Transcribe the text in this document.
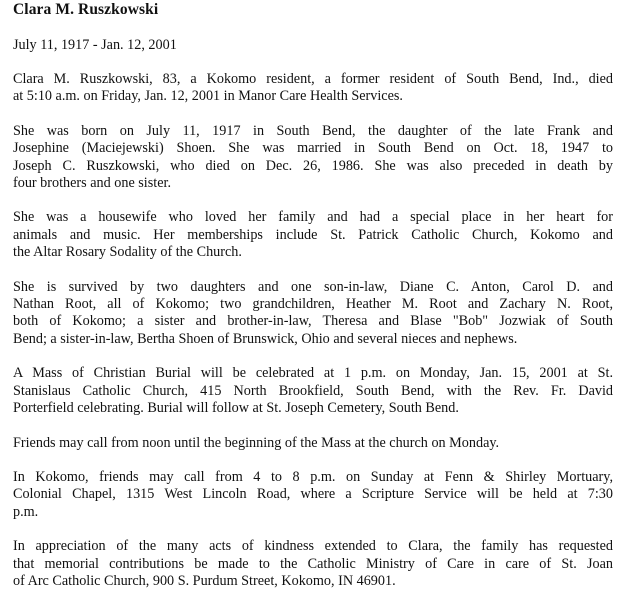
Clara M. Ruszkowski

July 11, 1917 - Jan. 12, 2001

Clara M. Ruszkowski, 83, a Kokomo resident, a former resident of South Bend, Ind., died
at 5:10 a.m. on Friday, Jan. 12, 2001 in Manor Care Health Services.

She was born on July 11, 1917 in South Bend, the daughter of the late Frank and
Josephine (Maciejewski) Shoen. She was married in South Bend on Oct. 18, 1947 to
Joseph C. Ruszkowski, who died on Dec. 26, 1986. She was also preceded in death by
four brothers and one sister.

She was a housewife who loved her family and had a special place in her heart for
animals and music. Her memberships include St. Patrick Catholic Church, Kokomo and
the Altar Rosary Sodality of the Church.

She is survived by two daughters and one son-in-law, Diane C. Anton, Carol D. and
Nathan Root, all of Kokomo; two grandchildren, Heather M. Root and Zachary N. Root,
both of Kokomo; a sister and brother-in-law, Theresa and Blase "Bob" Jozwiak of South
Bend; a sister-in-law, Bertha Shoen of Brunswick, Ohio and several nieces and nephews.

A Mass of Christian Burial will be celebrated at 1 p.m. on Monday, Jan. 15, 2001 at St.
Stanislaus Catholic Church, 415 North Brookfield, South Bend, with the Rev. Fr. David
Porterfield celebrating. Burial will follow at St. Joseph Cemetery, South Bend.

Friends may call from noon until the beginning of the Mass at the church on Monday.

In Kokomo, friends may call from 4 to 8 p.m. on Sunday at Fenn & Shirley Mortuary,
Colonial Chapel, 1315 West Lincoln Road, where a Scripture Service will be held at 7:30
p.m.

In appreciation of the many acts of kindness extended to Clara, the family has requested
that memorial contributions be made to the Catholic Ministry of Care in care of St. Joan
of Arc Catholic Church, 900 S. Purdum Street, Kokomo, IN 46901.
